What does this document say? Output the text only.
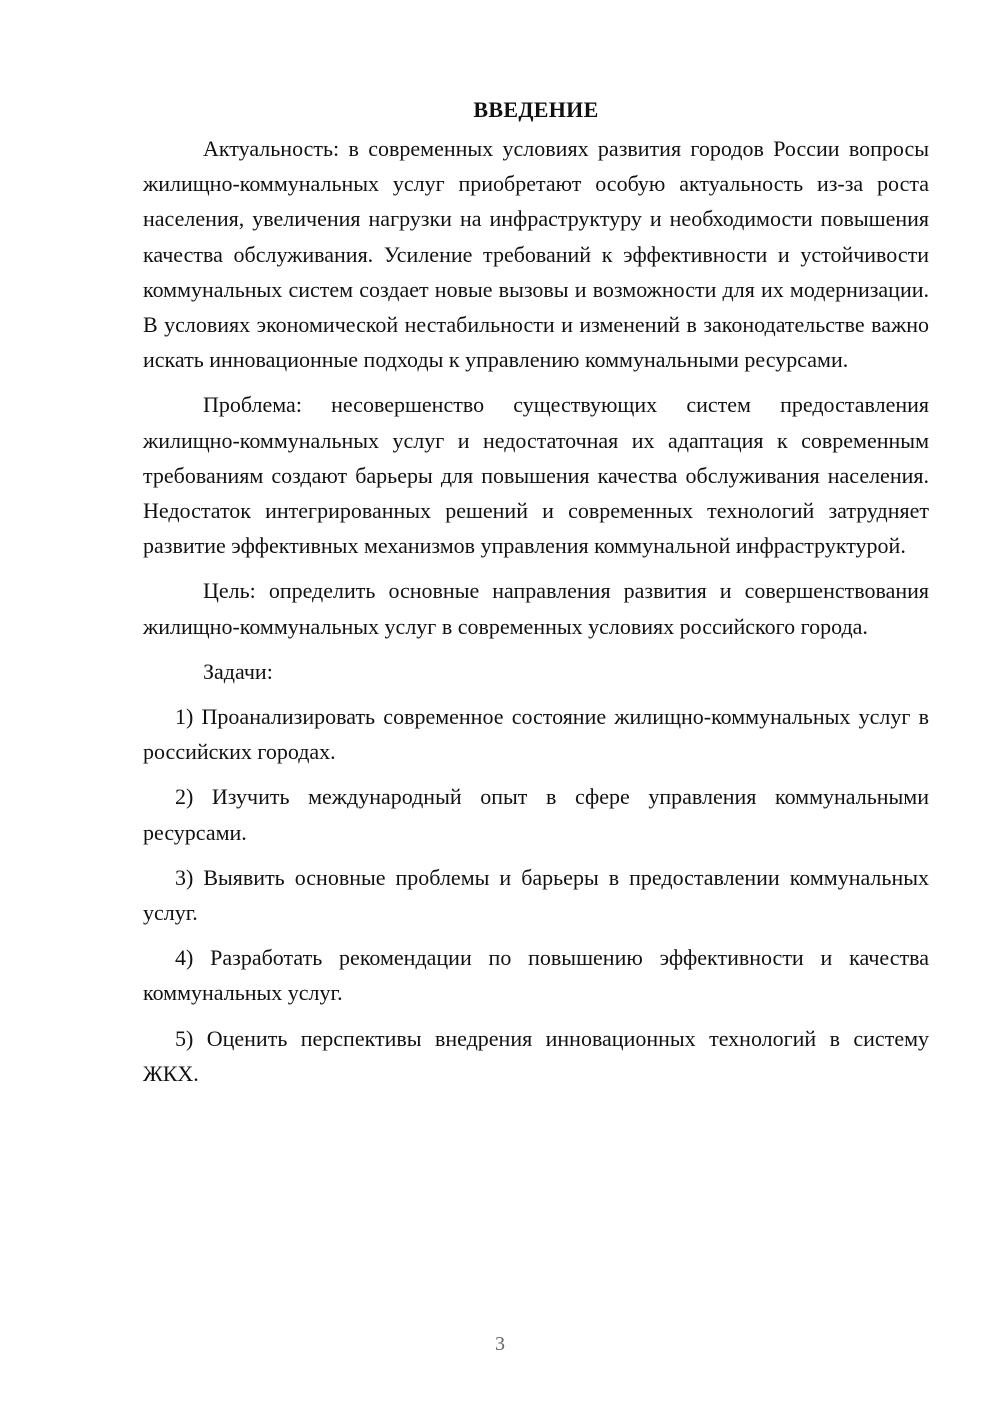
ВВЕДЕНИЕ

Актуальность: в современных условиях развития городов России вопросы жилищно-коммунальных услуг приобретают особую актуальность из-за роста населения, увеличения нагрузки на инфраструктуру и необходимости повышения качества обслуживания. Усиление требований к эффективности и устойчивости коммунальных систем создает новые вызовы и возможности для их модернизации. В условиях экономической нестабильности и изменений в законодательстве важно искать инновационные подходы к управлению коммунальными ресурсами.

Проблема: несовершенство существующих систем предоставления жилищно-коммунальных услуг и недостаточная их адаптация к современным требованиям создают барьеры для повышения качества обслуживания населения. Недостаток интегрированных решений и современных технологий затрудняет развитие эффективных механизмов управления коммунальной инфраструктурой.

Цель: определить основные направления развития и совершенствования жилищно-коммунальных услуг в современных условиях российского города.

Задачи:

1) Проанализировать современное состояние жилищно-коммунальных услуг в российских городах.

2) Изучить международный опыт в сфере управления коммунальными ресурсами.

3) Выявить основные проблемы и барьеры в предоставлении коммунальных услуг.

4) Разработать рекомендации по повышению эффективности и качества коммунальных услуг.

5) Оценить перспективы внедрения инновационных технологий в систему ЖКХ.

3
